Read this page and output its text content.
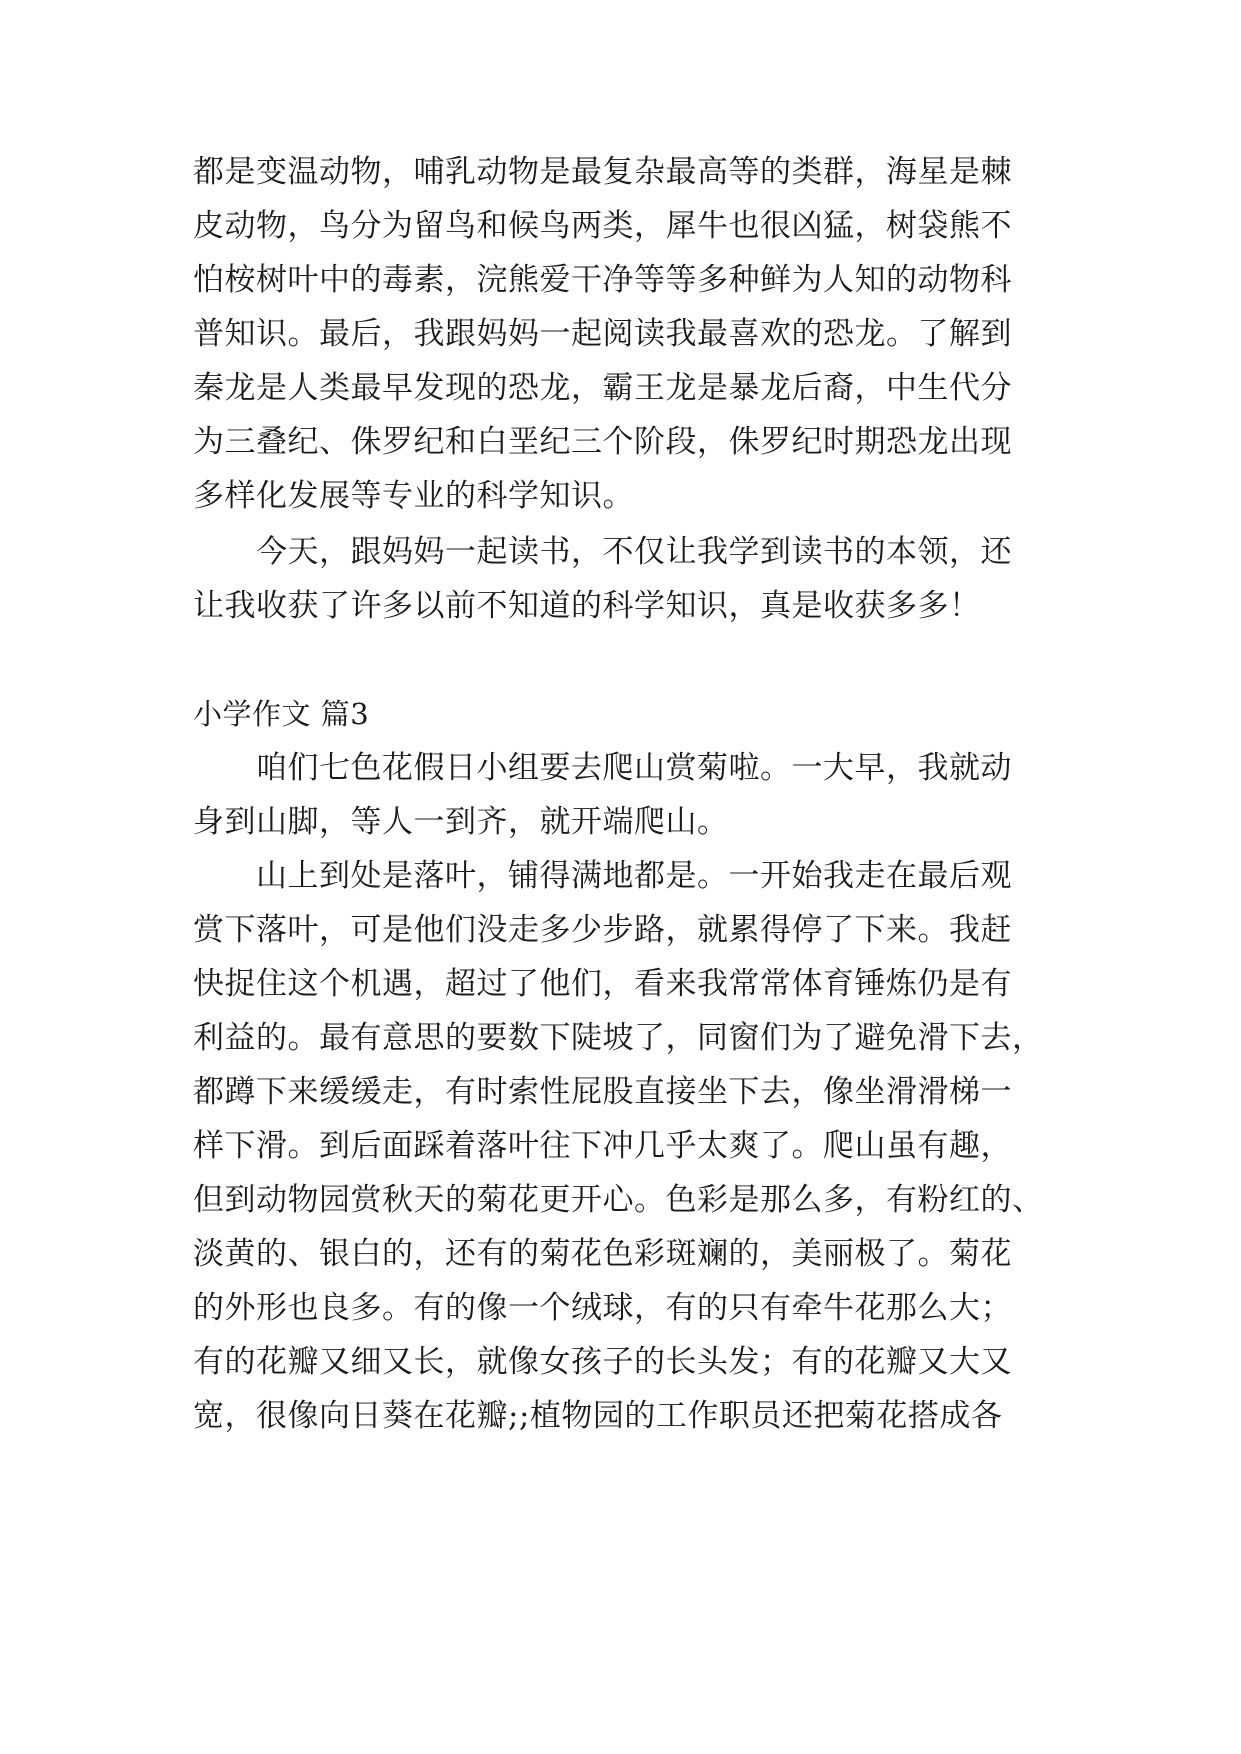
都是变温动物，哺乳动物是最复杂最高等的类群，海星是棘
皮动物，鸟分为留鸟和候鸟两类，犀牛也很凶猛，树袋熊不
怕桉树叶中的毒素，浣熊爱干净等等多种鲜为人知的动物科
普知识。最后，我跟妈妈一起阅读我最喜欢的恐龙。了解到
秦龙是人类最早发现的恐龙，霸王龙是暴龙后裔，中生代分
为三叠纪、侏罗纪和白垩纪三个阶段，侏罗纪时期恐龙出现
多样化发展等专业的科学知识。
今天，跟妈妈一起读书，不仅让我学到读书的本领，还
让我收获了许多以前不知道的科学知识，真是收获多多！
小学作文 篇3
咱们七色花假日小组要去爬山赏菊啦。一大早，我就动
身到山脚，等人一到齐，就开端爬山。
山上到处是落叶，铺得满地都是。一开始我走在最后观
赏下落叶，可是他们没走多少步路，就累得停了下来。我赶
快捉住这个机遇，超过了他们，看来我常常体育锤炼仍是有
利益的。最有意思的要数下陡坡了，同窗们为了避免滑下去，
都蹲下来缓缓走，有时索性屁股直接坐下去，像坐滑滑梯一
样下滑。到后面踩着落叶往下冲几乎太爽了。爬山虽有趣，
但到动物园赏秋天的菊花更开心。色彩是那么多，有粉红的、
淡黄的、银白的，还有的菊花色彩斑斓的，美丽极了。菊花
的外形也良多。有的像一个绒球，有的只有牵牛花那么大；
有的花瓣又细又长，就像女孩子的长头发；有的花瓣又大又
宽，很像向日葵在花瓣;;植物园的工作职员还把菊花搭成各
